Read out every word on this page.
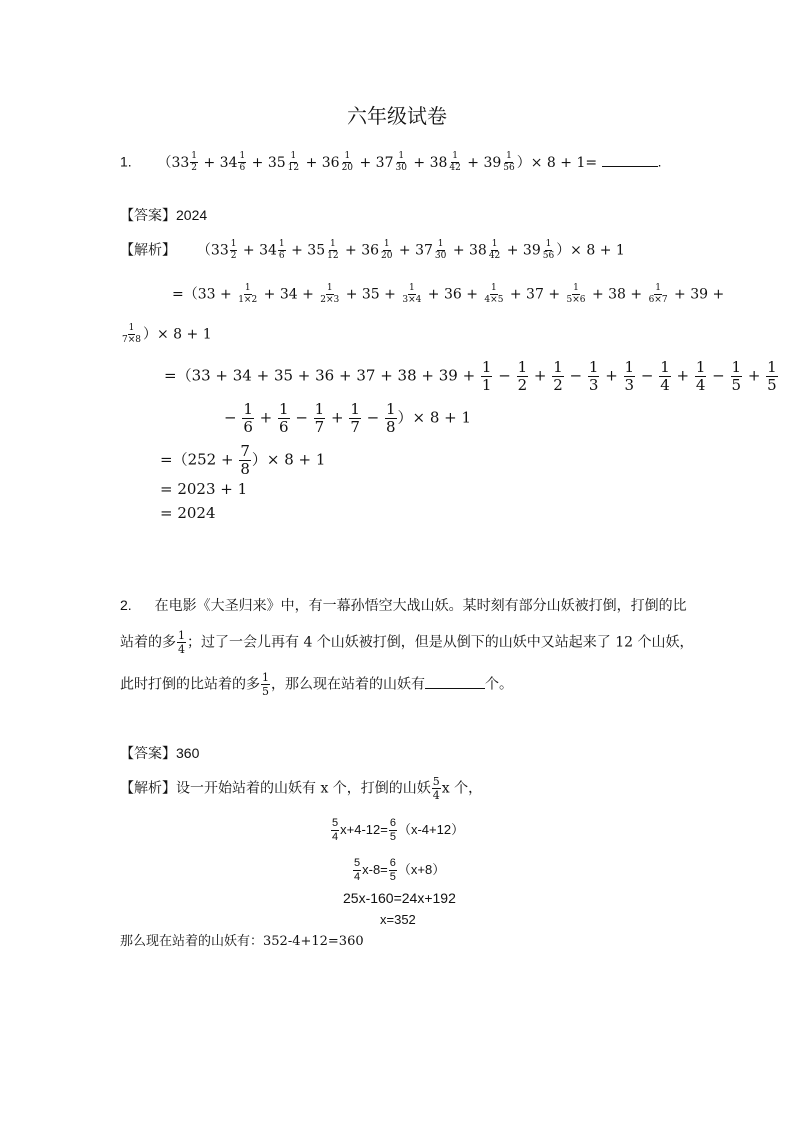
六年级试卷
1. （$33 \frac{1}{2} + 34 \frac{1}{6} + 35 \frac{1}{12} + 36 \frac{1}{20} + 37 \frac{1}{30} + 38 \frac{1}{42} + 39 \frac{1}{56}$ ）× 8 + 1=	.
【答案】2024
【解析】 （$33 \frac{1}{2} + 34 \frac{1}{6} + 35 \frac{1}{12} + 36 \frac{1}{20} + 37 \frac{1}{30} + 38 \frac{1}{42} + 39 \frac{1}{56}$ ）× 8 + 1
$=(33 + \frac{1}{1\times 2} + 34 + \frac{1}{2\times 3} + 35 + \frac{1}{3\times 4} + 36 + \frac{1}{4\times 5} + 37 + \frac{1}{5\times 6} + 38 + \frac{1}{6\times 7} + 39$ +
$\frac{1}{7\times 8}$ ）× 8 + 1
$=(33 + 34 + 35 + 36 + 37 + 38 + 39 + \frac{1}{1} - \frac{1}{2} + \frac{1}{2} - \frac{1}{3} + \frac{1}{3} - \frac{1}{4} + \frac{1}{4} - \frac{1}{5} + \frac{1}{5}$
− $\frac{1}{6} + \frac{1}{6} - \frac{1}{7} + \frac{1}{7} - \frac{1}{8}$ ）× 8 + 1
$=(252 + \frac{7}{8}$ ）× 8 + 1
= 2023 + 1
= 2024
2. 在电影《大圣归来》中，有一幕孙悟空大战山妖。某时刻有部分山妖被打倒，打倒的比
站着的多 $\frac{1}{4}$ ；过了一会儿再有 4 个山妖被打倒，但是从倒下的山妖中又站起来了 12 个山妖，
此时打倒的比站着的多 $\frac{1}{5}$ ，那么现在站着的山妖有	个。
【答案】360
【解析】设一开始站着的山妖有 x 个，打倒的山妖 $\frac{5}{4}$ x 个，
$\frac{5}{4} x+4-12= \frac{6}{5} (x-4+12)$
$\frac{5}{4} x-8= \frac{6}{5} (x+8)$
25x-160=24x+192
x=352
那么现在站着的山妖有：352-4+12=360
